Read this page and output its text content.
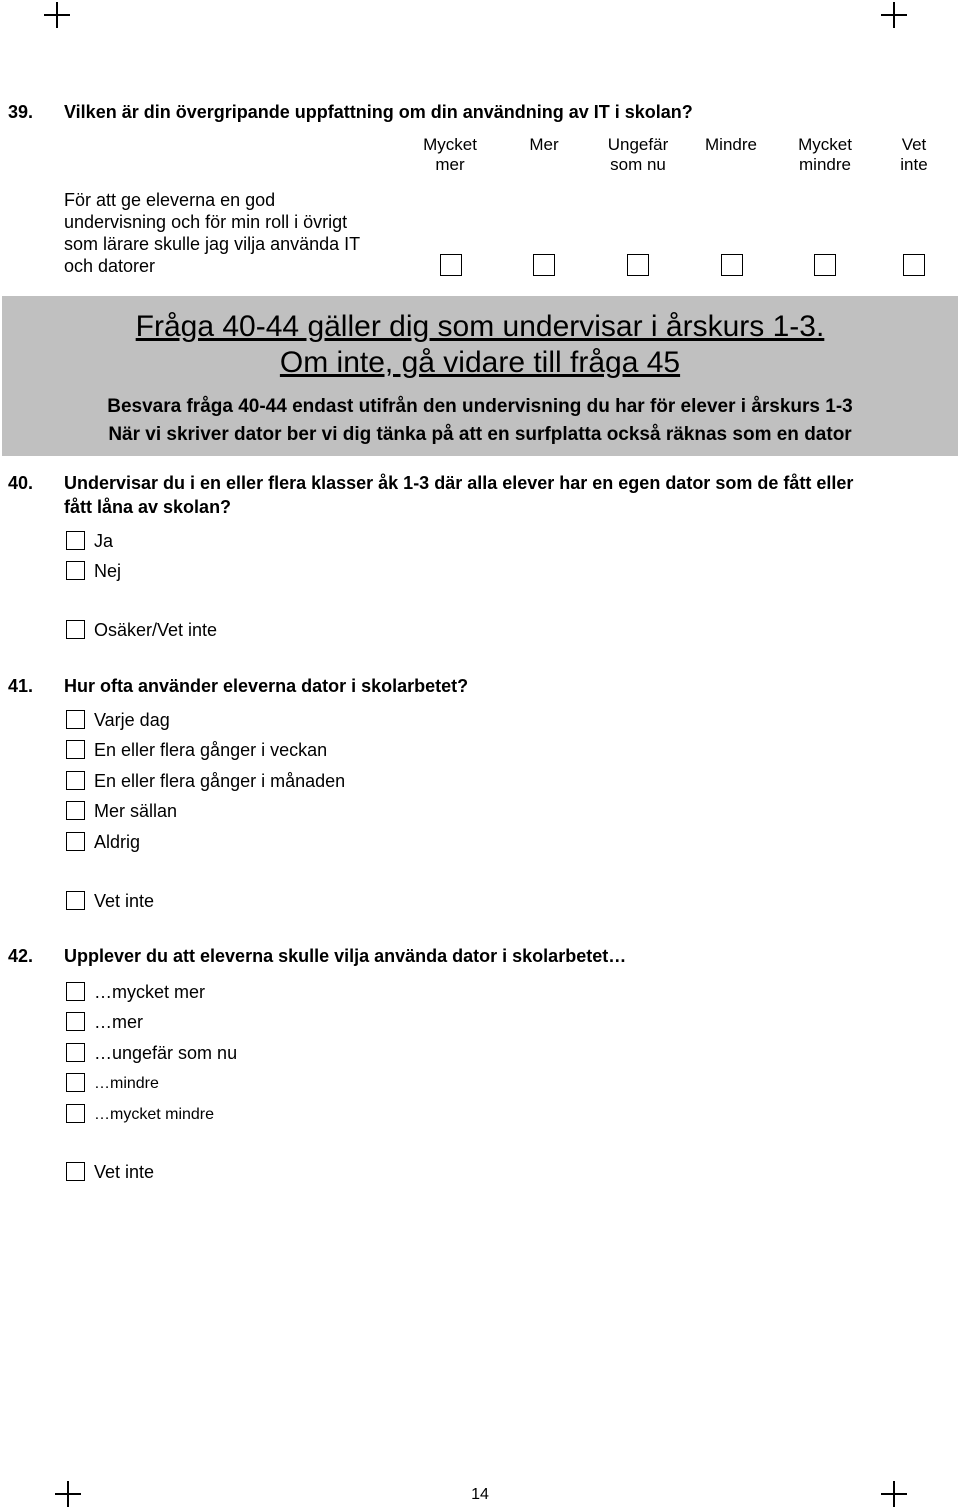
39. Vilken är din övergripande uppfattning om din användning av IT i skolan?
Mycket
mer
Mer	Ungefär
som nu
Mindre	Mycket
mindre
Vet
inte
För att ge eleverna en god
undervisning och för min roll i övrigt
som lärare skulle jag vilja använda IT
och datorer
Fråga 40-44 gäller dig som undervisar i årskurs 1-3.
Om inte, gå vidare till fråga 45
Besvara fråga 40-44 endast utifrån den undervisning du har för elever i årskurs 1-3
När vi skriver dator ber vi dig tänka på att en surfplatta också räknas som en dator
40. Undervisar du i en eller flera klasser åk 1-3 där alla elever har en egen dator som de fått eller
fått låna av skolan?
Ja
Nej
Osäker/Vet inte
41. Hur ofta använder eleverna dator i skolarbetet?
Varje dag
En eller flera gånger i veckan
En eller flera gånger i månaden
Mer sällan
Aldrig
Vet inte
42. Upplever du att eleverna skulle vilja använda dator i skolarbetet…
…mycket mer
…mer
…ungefär som nu
…mindre
…mycket mindre
Vet inte
14
